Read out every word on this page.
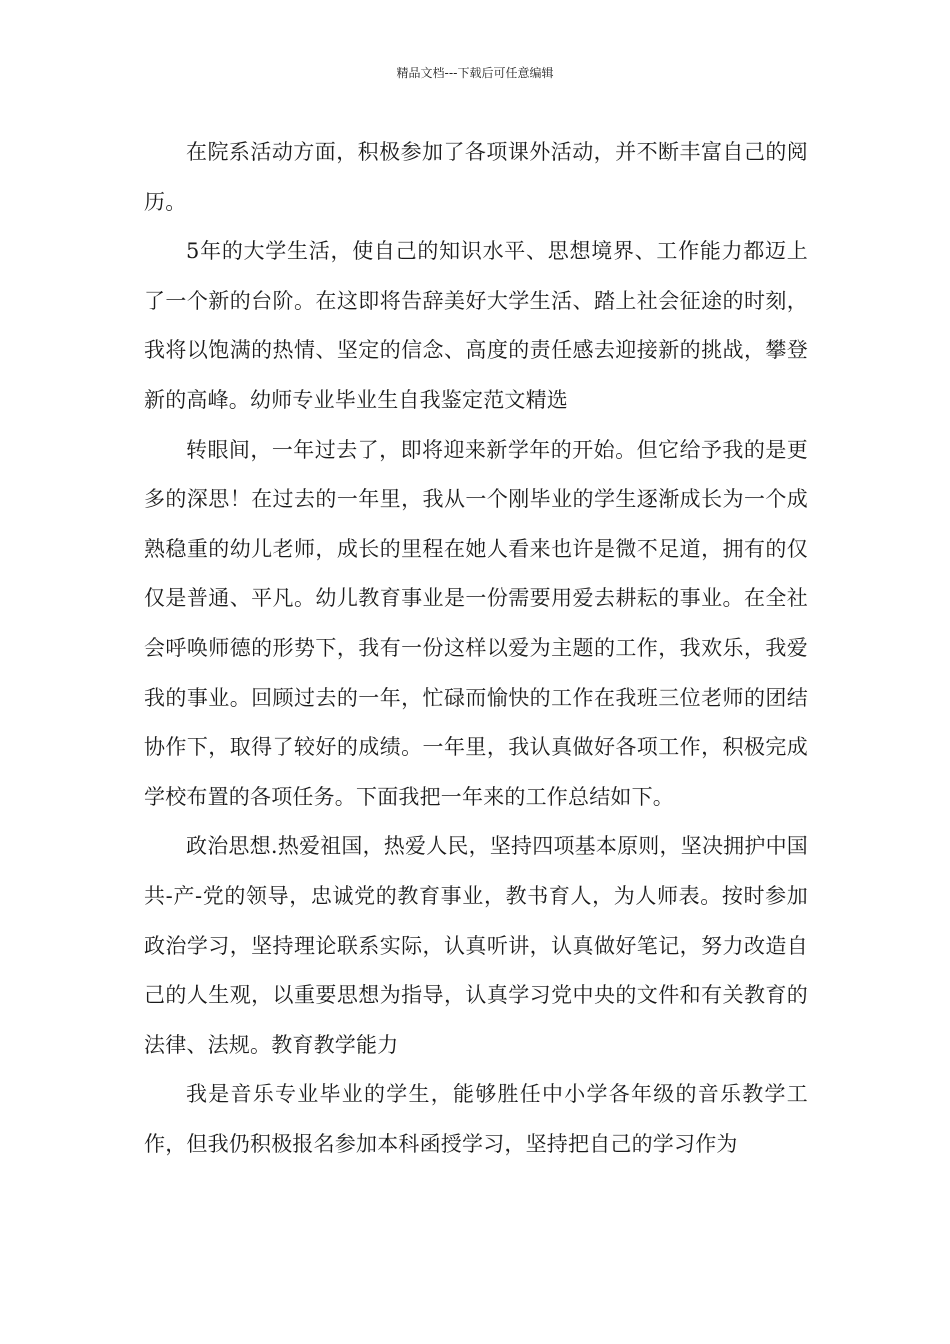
精品文档---下载后可任意编辑

在院系活动方面，积极参加了各项课外活动，并不断丰富自己的阅历。

5年的大学生活，使自己的知识水平、思想境界、工作能力都迈上了一个新的台阶。在这即将告辞美好大学生活、踏上社会征途的时刻，我将以饱满的热情、坚定的信念、高度的责任感去迎接新的挑战，攀登新的高峰。幼师专业毕业生自我鉴定范文精选

转眼间，一年过去了，即将迎来新学年的开始。但它给予我的是更多的深思！在过去的一年里，我从一个刚毕业的学生逐渐成长为一个成熟稳重的幼儿老师，成长的里程在她人看来也许是微不足道，拥有的仅仅是普通、平凡。幼儿教育事业是一份需要用爱去耕耘的事业。在全社会呼唤师德的形势下，我有一份这样以爱为主题的工作，我欢乐，我爱我的事业。回顾过去的一年，忙碌而愉快的工作在我班三位老师的团结协作下，取得了较好的成绩。一年里，我认真做好各项工作，积极完成学校布置的各项任务。下面我把一年来的工作总结如下。

政治思想.热爱祖国，热爱人民，坚持四项基本原则，坚决拥护中国共-产-党的领导，忠诚党的教育事业，教书育人，为人师表。按时参加政治学习，坚持理论联系实际，认真听讲，认真做好笔记，努力改造自己的人生观，以重要思想为指导，认真学习党中央的文件和有关教育的法律、法规。教育教学能力

我是音乐专业毕业的学生，能够胜任中小学各年级的音乐教学工作，但我仍积极报名参加本科函授学习，坚持把自己的学习作为
